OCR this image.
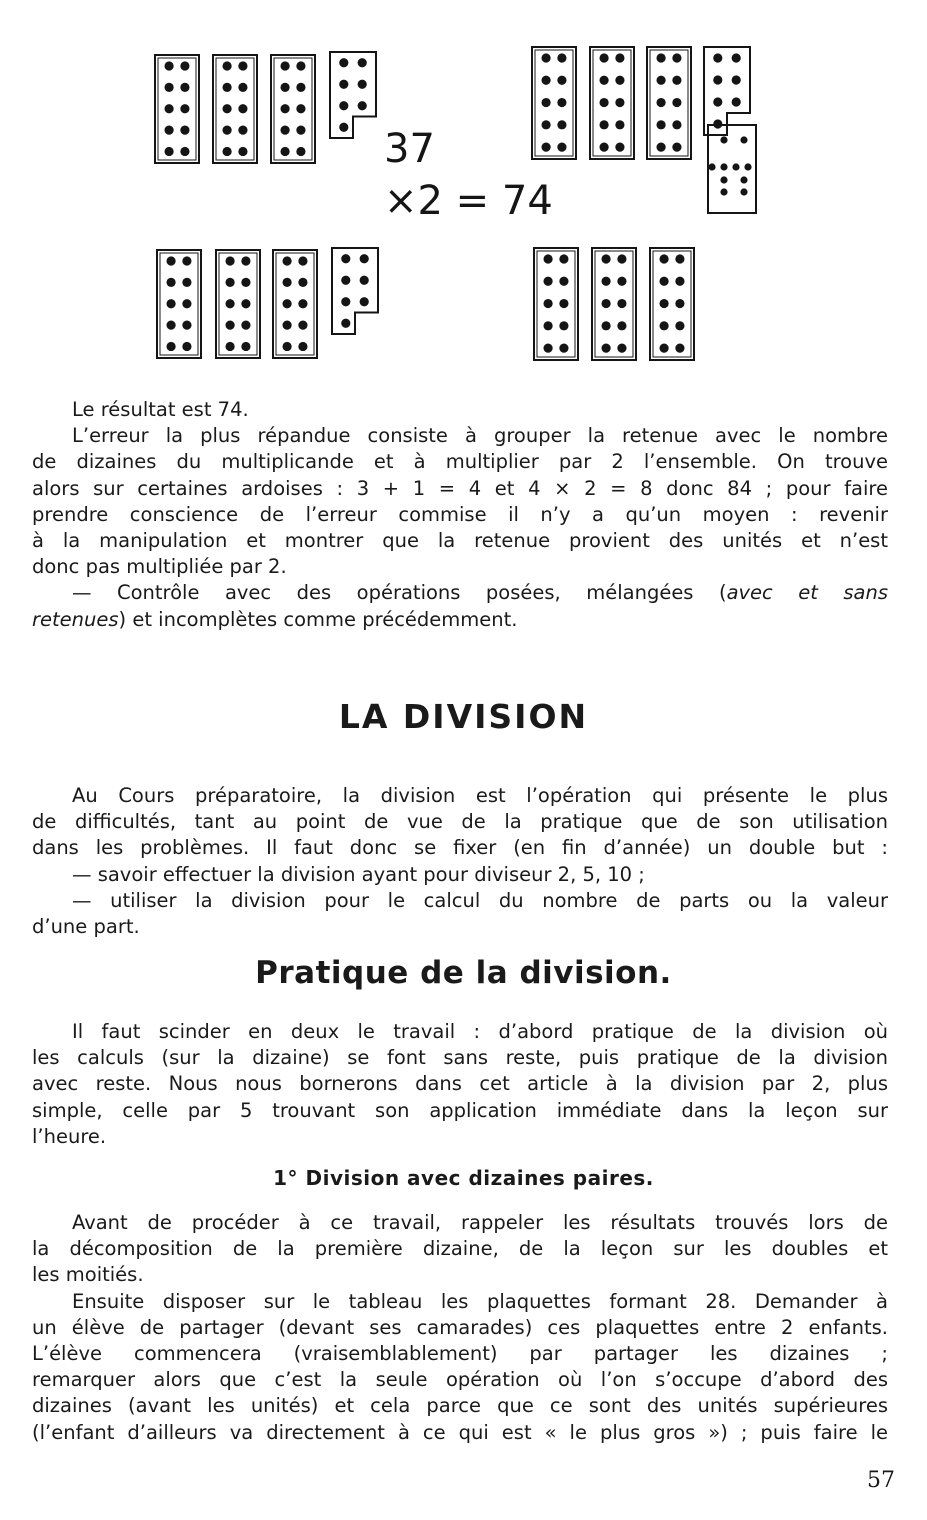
37
×2 = 74
Le résultat est 74.
L’erreur la plus répandue consiste à grouper la retenue avec le nombre
de dizaines du multiplicande et à multiplier par 2 l’ensemble. On trouve
alors sur certaines ardoises : 3 + 1 = 4 et 4 × 2 = 8 donc 84 ; pour faire
prendre conscience de l’erreur commise il n’y a qu’un moyen : revenir
à la manipulation et montrer que la retenue provient des unités et n’est
donc pas multipliée par 2.
— Contrôle avec des opérations posées, mélangées (avec et sans
retenues) et incomplètes comme précédemment.
LA DIVISION
Au Cours préparatoire, la division est l’opération qui présente le plus
de difficultés, tant au point de vue de la pratique que de son utilisation
dans les problèmes. Il faut donc se fixer (en fin d’année) un double but :
— savoir effectuer la division ayant pour diviseur 2, 5, 10 ;
— utiliser la division pour le calcul du nombre de parts ou la valeur
d’une part.
Pratique de la division.
Il faut scinder en deux le travail : d’abord pratique de la division où
les calculs (sur la dizaine) se font sans reste, puis pratique de la division
avec reste. Nous nous bornerons dans cet article à la division par 2, plus
simple, celle par 5 trouvant son application immédiate dans la leçon sur
l’heure.
1° Division avec dizaines paires.
Avant de procéder à ce travail, rappeler les résultats trouvés lors de
la décomposition de la première dizaine, de la leçon sur les doubles et
les moitiés.
Ensuite disposer sur le tableau les plaquettes formant 28. Demander à
un élève de partager (devant ses camarades) ces plaquettes entre 2 enfants.
L’élève commencera (vraisemblablement) par partager les dizaines ;
remarquer alors que c’est la seule opération où l’on s’occupe d’abord des
dizaines (avant les unités) et cela parce que ce sont des unités supérieures
(l’enfant d’ailleurs va directement à ce qui est « le plus gros ») ; puis faire le
57
